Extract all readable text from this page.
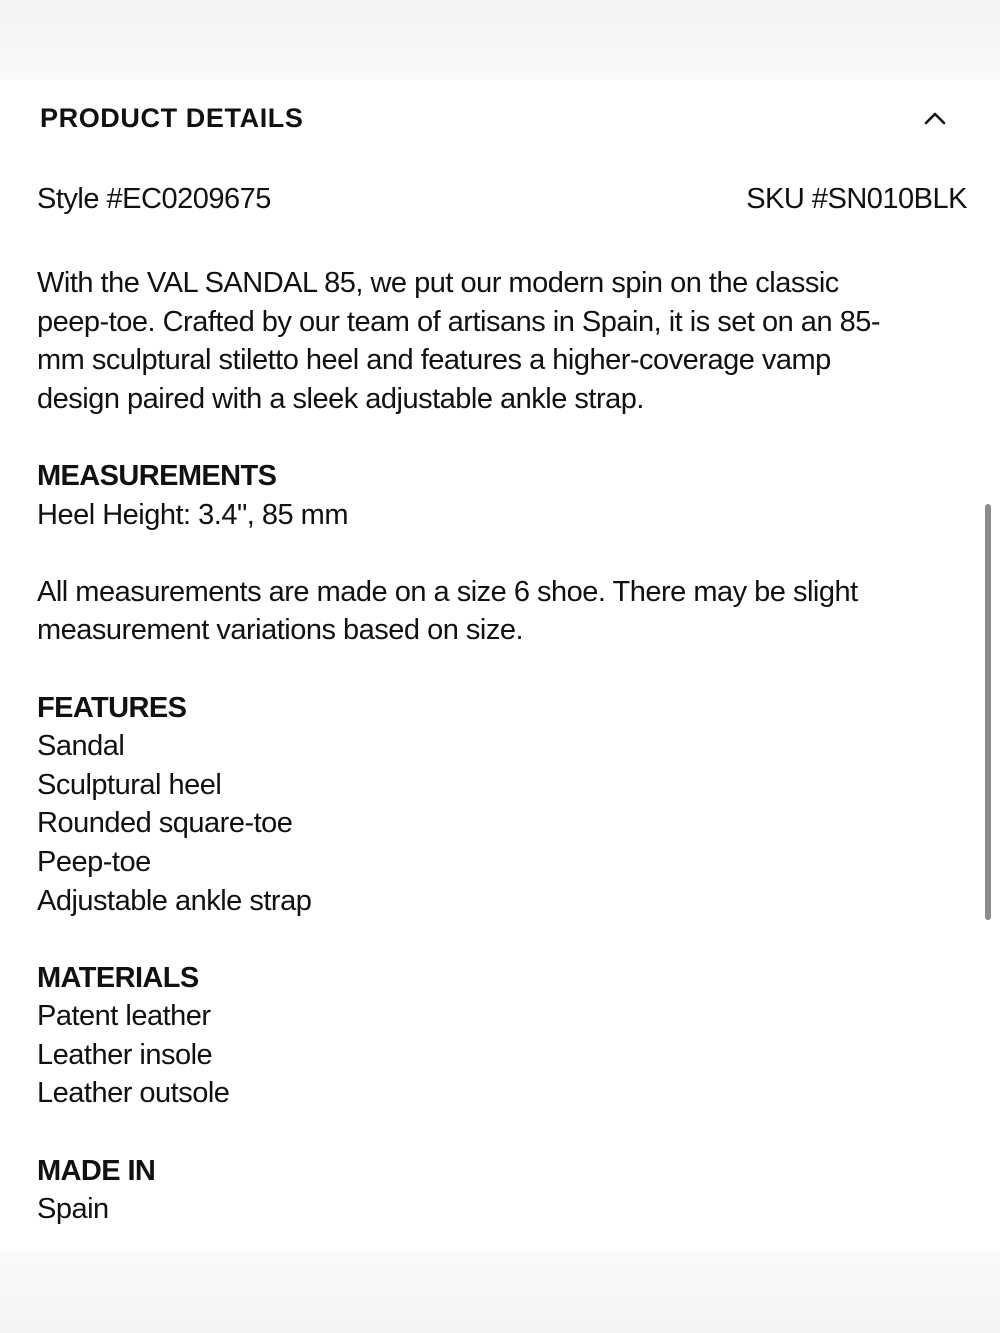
PRODUCT DETAILS
Style #EC0209675	SKU #SN010BLK

With the VAL SANDAL 85, we put our modern spin on the classic
peep-toe. Crafted by our team of artisans in Spain, it is set on an 85-
mm sculptural stiletto heel and features a higher-coverage vamp
design paired with a sleek adjustable ankle strap.

MEASUREMENTS
Heel Height: 3.4", 85 mm
All measurements are made on a size 6 shoe. There may be slight
measurement variations based on size.
FEATURES
Sandal
Sculptural heel
Rounded square-toe
Peep-toe
Adjustable ankle strap
MATERIALS
Patent leather
Leather insole
Leather outsole
MADE IN
Spain
